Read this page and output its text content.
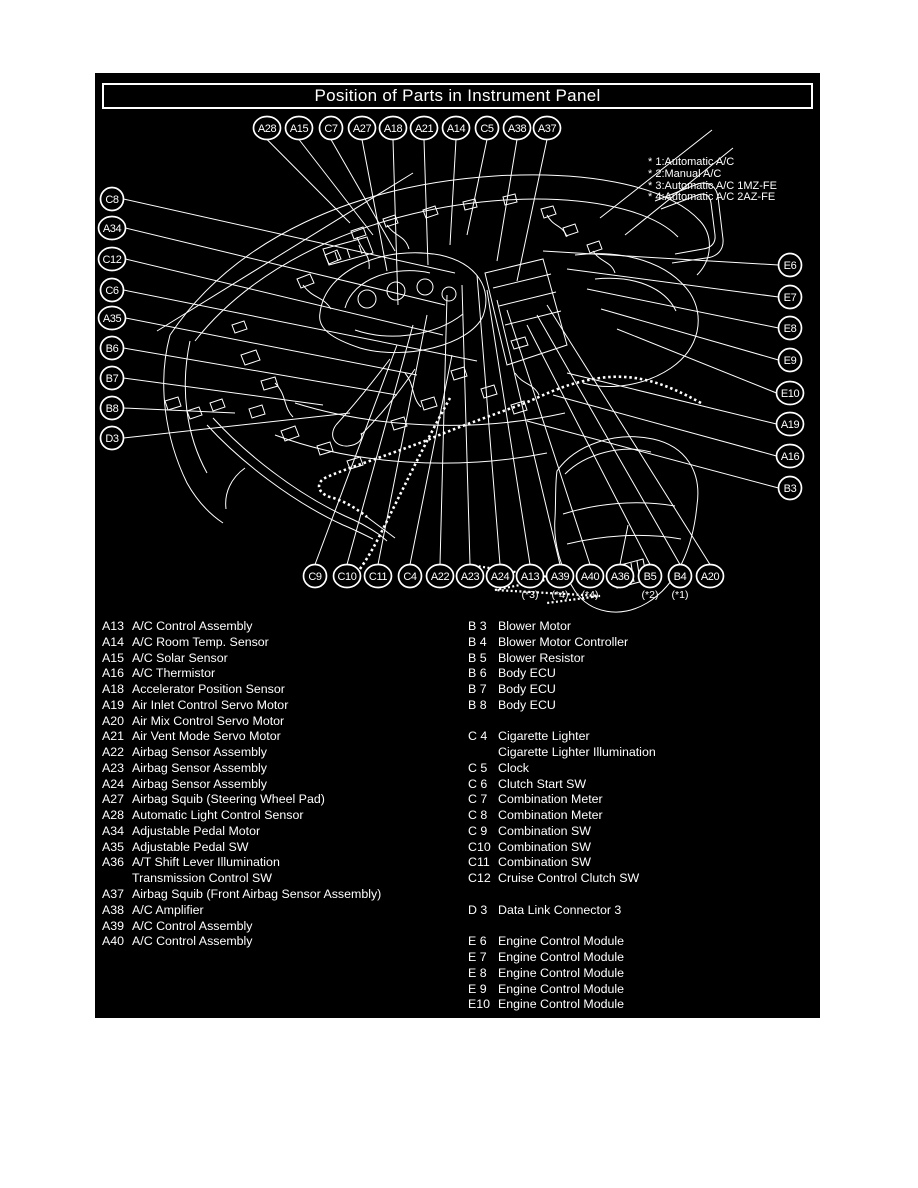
Position of Parts in Instrument Panel
A28 A15 C7 A27 A18 A21 A14 C5 A38 A37
C8
A34
C12
C6
A35
B6
B7
B8
D3
E6
E7
E8
E9
E10
A19
A16
B3
C9 C10 C11 C4 A22 A23 A24 A13
(*3)
A39
(*4)
A40
(*4)
A36 B5
(*2)
B4
(*1)
A20
* 1:Automatic A/C
* 2:Manual A/C
* 3:Automatic A/C 1MZ-FE
* 4:Automatic A/C 2AZ-FE
A13 A/C Control Assembly
A14 A/C Room Temp. Sensor
A15 A/C Solar Sensor
A16 A/C Thermistor
A18 Accelerator Position Sensor
A19 Air Inlet Control Servo Motor
A20 Air Mix Control Servo Motor
A21 Air Vent Mode Servo Motor
A22 Airbag Sensor Assembly
A23 Airbag Sensor Assembly
A24 Airbag Sensor Assembly
A27 Airbag Squib (Steering Wheel Pad)
A28 Automatic Light Control Sensor
A34 Adjustable Pedal Motor
A35 Adjustable Pedal SW
A36 A/T Shift Lever Illumination
Transmission Control SW
A37 Airbag Squib (Front Airbag Sensor Assembly)
A38 A/C Amplifier
A39 A/C Control Assembly
A40 A/C Control Assembly
B 3 Blower Motor
B 4 Blower Motor Controller
B 5 Blower Resistor
B 6 Body ECU
B 7 Body ECU
B 8 Body ECU
C 4 Cigarette Lighter
Cigarette Lighter Illumination
C 5 Clock
C 6 Clutch Start SW
C 7 Combination Meter
C 8 Combination Meter
C 9 Combination SW
C10 Combination SW
C11 Combination SW
C12 Cruise Control Clutch SW
D 3 Data Link Connector 3
E 6 Engine Control Module
E 7 Engine Control Module
E 8 Engine Control Module
E 9 Engine Control Module
E10 Engine Control Module
